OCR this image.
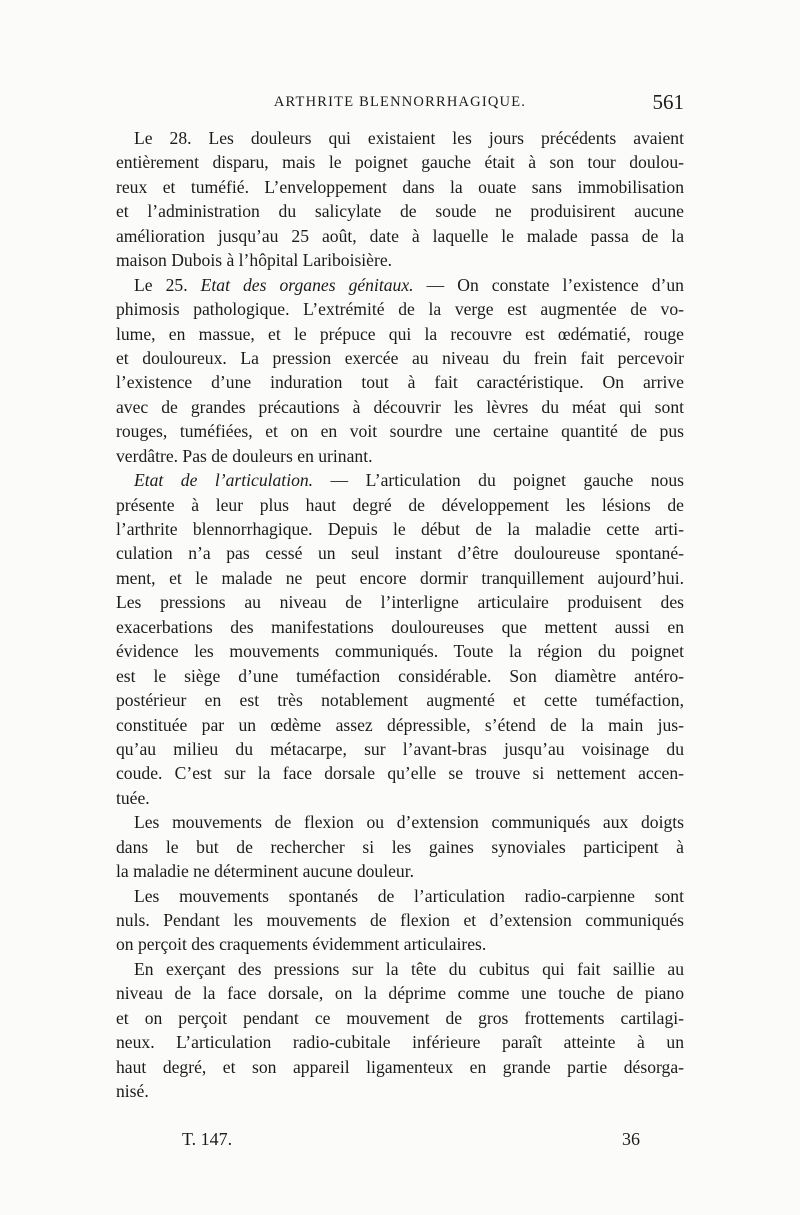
ARTHRITE BLENNORRHAGIQUE.	561
Le 28. Les douleurs qui existaient les jours précédents avaient
entièrement disparu, mais le poignet gauche était à son tour doulou-
reux et tuméfié. L’enveloppement dans la ouate sans immobilisation
et l’administration du salicylate de soude ne produisirent aucune
amélioration jusqu’au 25 août, date à laquelle le malade passa de la
maison Dubois à l’hôpital Lariboisière.
Le 25. Etat des organes génitaux. — On constate l’existence d’un
phimosis pathologique. L’extrémité de la verge est augmentée de vo-
lume, en massue, et le prépuce qui la recouvre est œdématié, rouge
et douloureux. La pression exercée au niveau du frein fait percevoir
l’existence d’une induration tout à fait caractéristique. On arrive
avec de grandes précautions à découvrir les lèvres du méat qui sont
rouges, tuméfiées, et on en voit sourdre une certaine quantité de pus
verdâtre. Pas de douleurs en urinant.
Etat de l’articulation. — L’articulation du poignet gauche nous
présente à leur plus haut degré de développement les lésions de
l’arthrite blennorrhagique. Depuis le début de la maladie cette arti-
culation n’a pas cessé un seul instant d’être douloureuse spontané-
ment, et le malade ne peut encore dormir tranquillement aujourd’hui.
Les pressions au niveau de l’interligne articulaire produisent des
exacerbations des manifestations douloureuses que mettent aussi en
évidence les mouvements communiqués. Toute la région du poignet
est le siège d’une tuméfaction considérable. Son diamètre antéro-
postérieur en est très notablement augmenté et cette tuméfaction,
constituée par un œdème assez dépressible, s’étend de la main jus-
qu’au milieu du métacarpe, sur l’avant-bras jusqu’au voisinage du
coude. C’est sur la face dorsale qu’elle se trouve si nettement accen-
tuée.
Les mouvements de flexion ou d’extension communiqués aux doigts
dans le but de rechercher si les gaines synoviales participent à
la maladie ne déterminent aucune douleur.
Les mouvements spontanés de l’articulation radio-carpienne sont
nuls. Pendant les mouvements de flexion et d’extension communiqués
on perçoit des craquements évidemment articulaires.
En exerçant des pressions sur la tête du cubitus qui fait saillie au
niveau de la face dorsale, on la déprime comme une touche de piano
et on perçoit pendant ce mouvement de gros frottements cartilagi-
neux. L’articulation radio-cubitale inférieure paraît atteinte à un
haut degré, et son appareil ligamenteux en grande partie désorga-
nisé.
T. 147.	36
